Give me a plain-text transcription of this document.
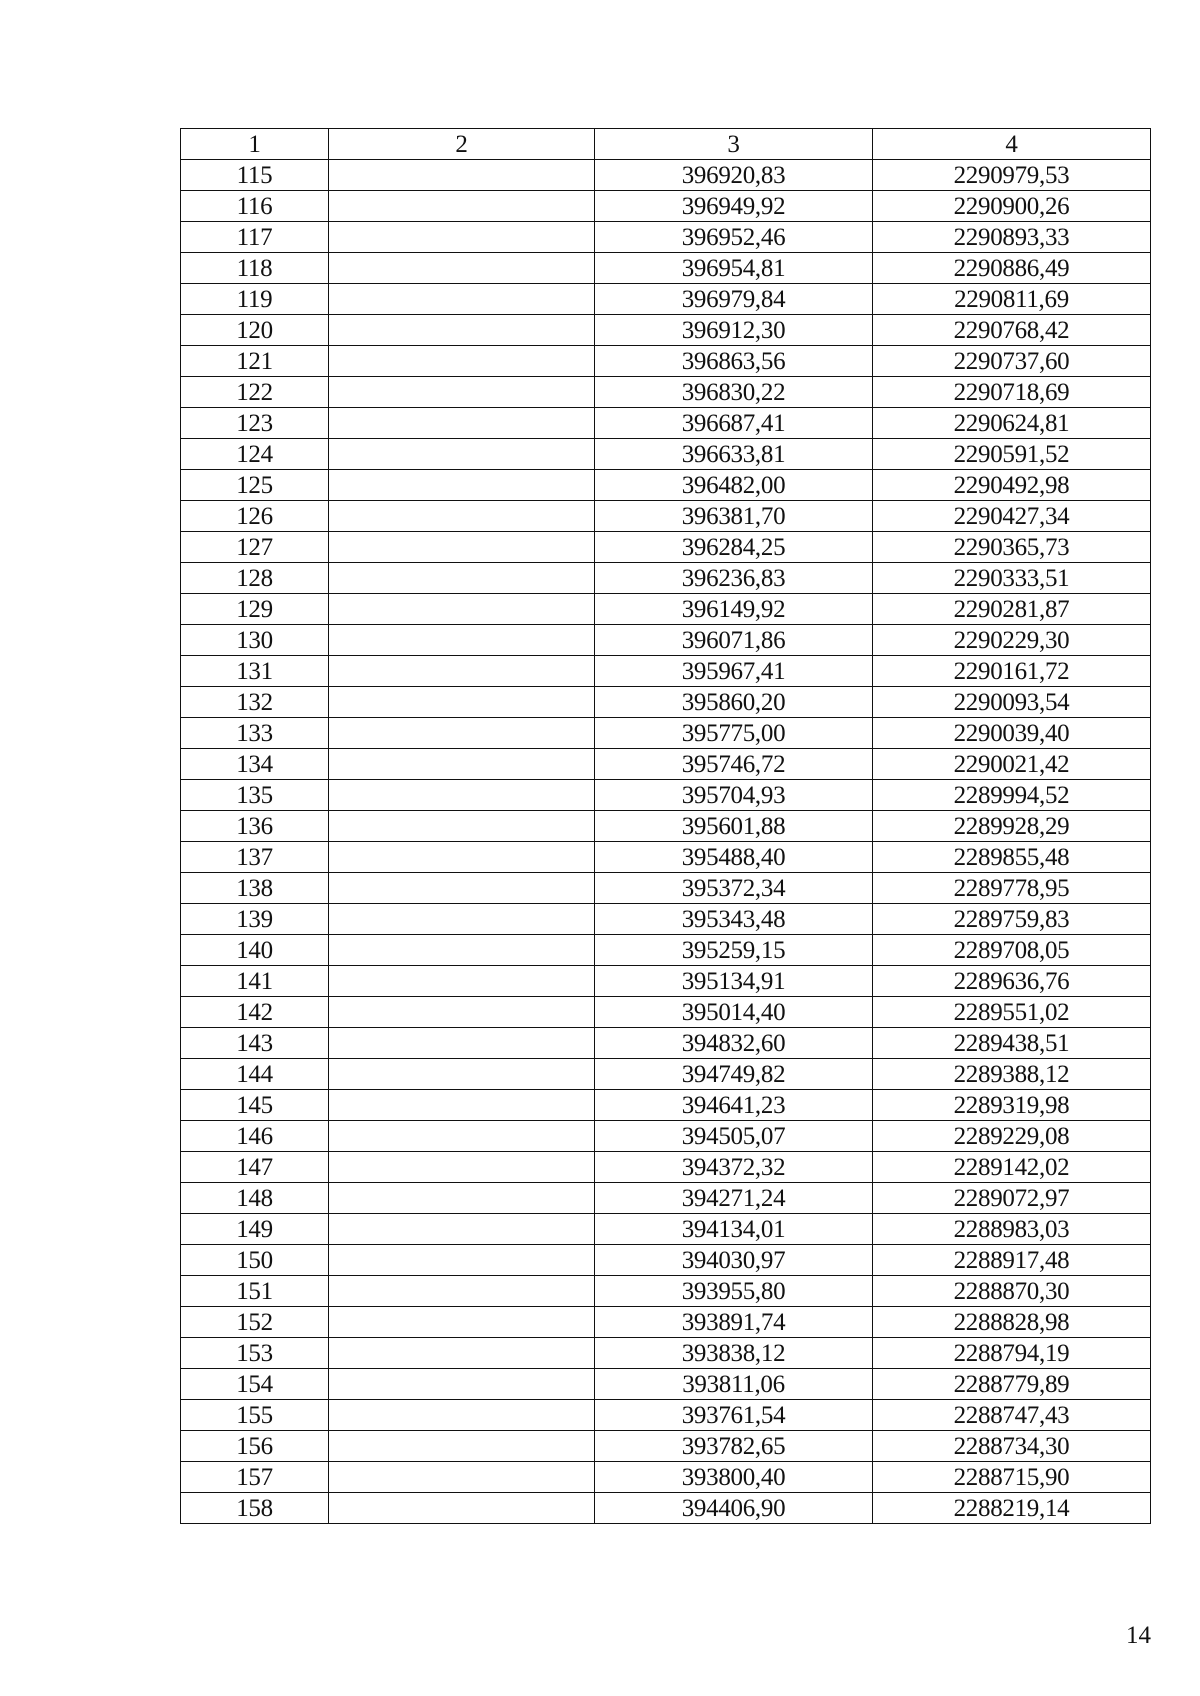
1	2	3	4
115		396920,83	2290979,53
116		396949,92	2290900,26
117		396952,46	2290893,33
118		396954,81	2290886,49
119		396979,84	2290811,69
120		396912,30	2290768,42
121		396863,56	2290737,60
122		396830,22	2290718,69
123		396687,41	2290624,81
124		396633,81	2290591,52
125		396482,00	2290492,98
126		396381,70	2290427,34
127		396284,25	2290365,73
128		396236,83	2290333,51
129		396149,92	2290281,87
130		396071,86	2290229,30
131		395967,41	2290161,72
132		395860,20	2290093,54
133		395775,00	2290039,40
134		395746,72	2290021,42
135		395704,93	2289994,52
136		395601,88	2289928,29
137		395488,40	2289855,48
138		395372,34	2289778,95
139		395343,48	2289759,83
140		395259,15	2289708,05
141		395134,91	2289636,76
142		395014,40	2289551,02
143		394832,60	2289438,51
144		394749,82	2289388,12
145		394641,23	2289319,98
146		394505,07	2289229,08
147		394372,32	2289142,02
148		394271,24	2289072,97
149		394134,01	2288983,03
150		394030,97	2288917,48
151		393955,80	2288870,30
152		393891,74	2288828,98
153		393838,12	2288794,19
154		393811,06	2288779,89
155		393761,54	2288747,43
156		393782,65	2288734,30
157		393800,40	2288715,90
158		394406,90	2288219,14
14
